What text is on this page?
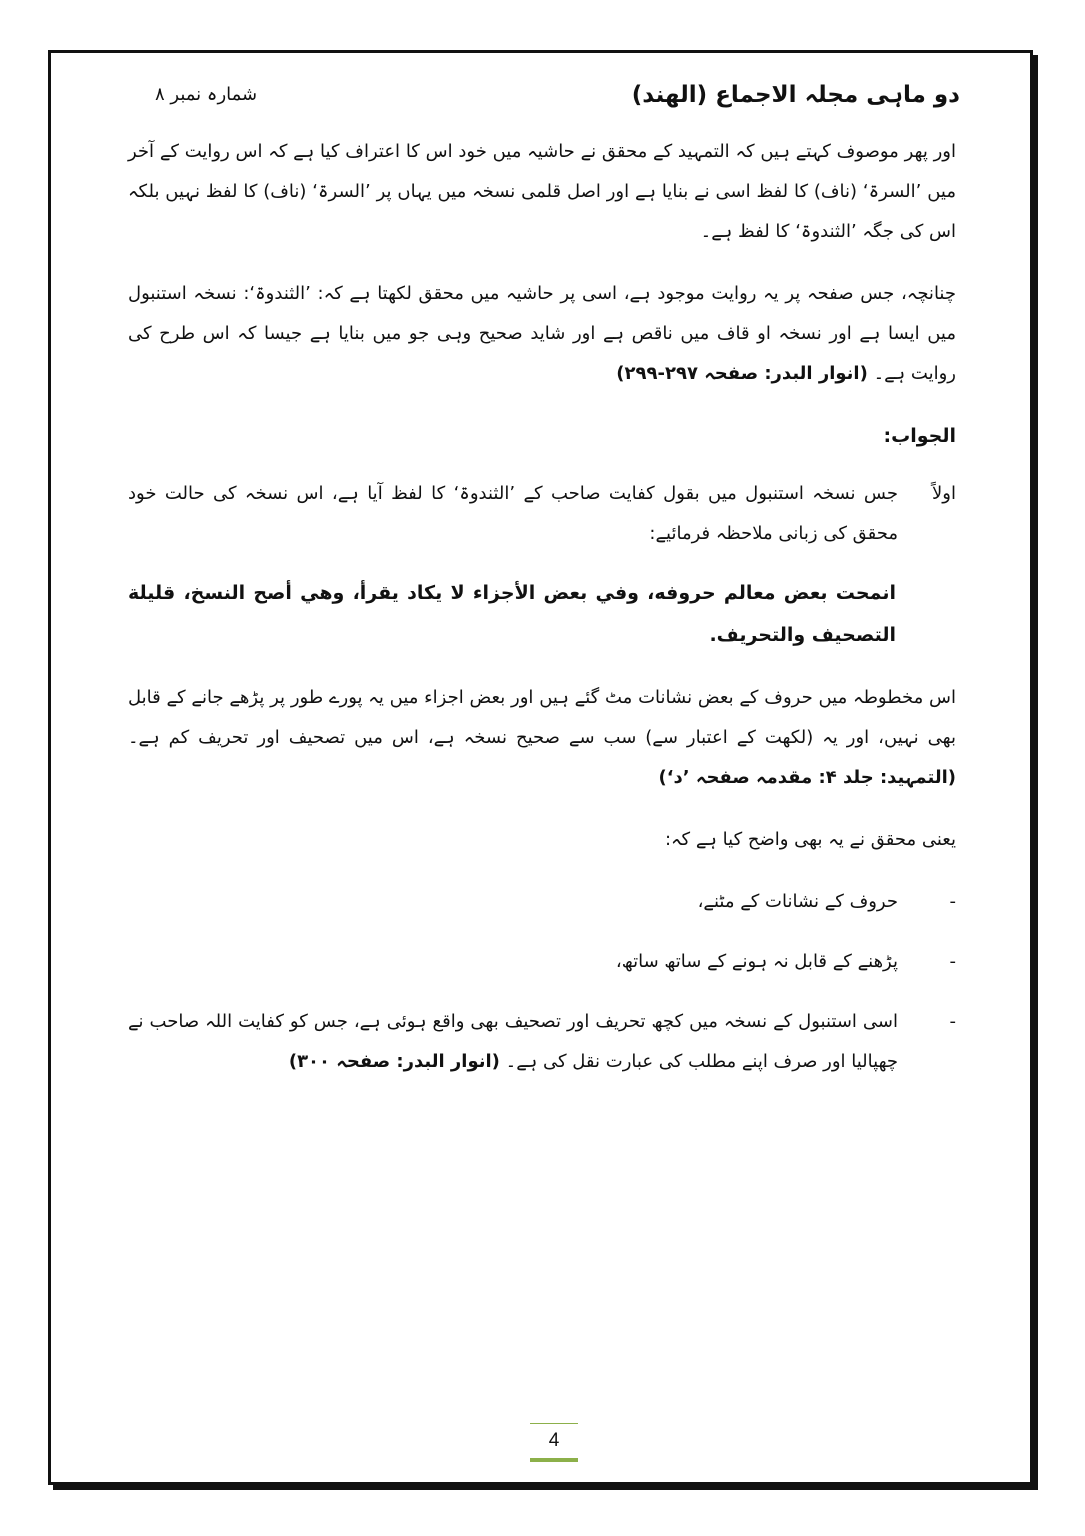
دو ماہی مجلہ الاجماع (الھند)
شمارہ نمبر ۸

اور پھر موصوف کہتے ہیں کہ التمہید کے محقق نے حاشیہ میں خود اس کا اعتراف کیا ہے کہ اس روایت کے آخر میں ’السرۃ‘ (ناف) کا لفظ اسی نے بنایا ہے اور اصل قلمی نسخہ میں یہاں پر ’السرۃ‘ (ناف) کا لفظ نہیں بلکہ اس کی جگہ ’الثندوۃ‘ کا لفظ ہے۔

چنانچہ، جس صفحہ پر یہ روایت موجود ہے، اسی پر حاشیہ میں محقق لکھتا ہے کہ: ’الثندوۃ‘: نسخہ استنبول میں ایسا ہے اور نسخہ او قاف میں ناقص ہے اور شاید صحیح وہی جو میں بنایا ہے جیسا کہ اس طرح کی روایت ہے۔ (انوار البدر: صفحہ ۲۹۷-۲۹۹)

الجواب:

اولاً
جس نسخہ استنبول میں بقول کفایت صاحب کے ’الثندوۃ‘ کا لفظ آیا ہے، اس نسخہ کی حالت خود محقق کی زبانی ملاحظہ فرمائیے:

انمحت بعض معالم حروفه، وفي بعض الأجزاء لا يكاد يقرأ، وهي أصح النسخ، قليلة التصحيف والتحريف.

اس مخطوطہ میں حروف کے بعض نشانات مٹ گئے ہیں اور بعض اجزاء میں یہ پورے طور پر پڑھے جانے کے قابل بھی نہیں، اور یہ (لکھت کے اعتبار سے) سب سے صحیح نسخہ ہے، اس میں تصحیف اور تحریف کم ہے۔ (التمہید: جلد ۴: مقدمہ صفحہ ’د‘)

یعنی محقق نے یہ بھی واضح کیا ہے کہ:

-
حروف کے نشانات کے مٹنے،

-
پڑھنے کے قابل نہ ہونے کے ساتھ ساتھ،

-
اسی استنبول کے نسخہ میں کچھ تحریف اور تصحیف بھی واقع ہوئی ہے، جس کو کفایت اللہ صاحب نے چھپالیا اور صرف اپنے مطلب کی عبارت نقل کی ہے۔ (انوار البدر: صفحہ ۳۰۰)

4
